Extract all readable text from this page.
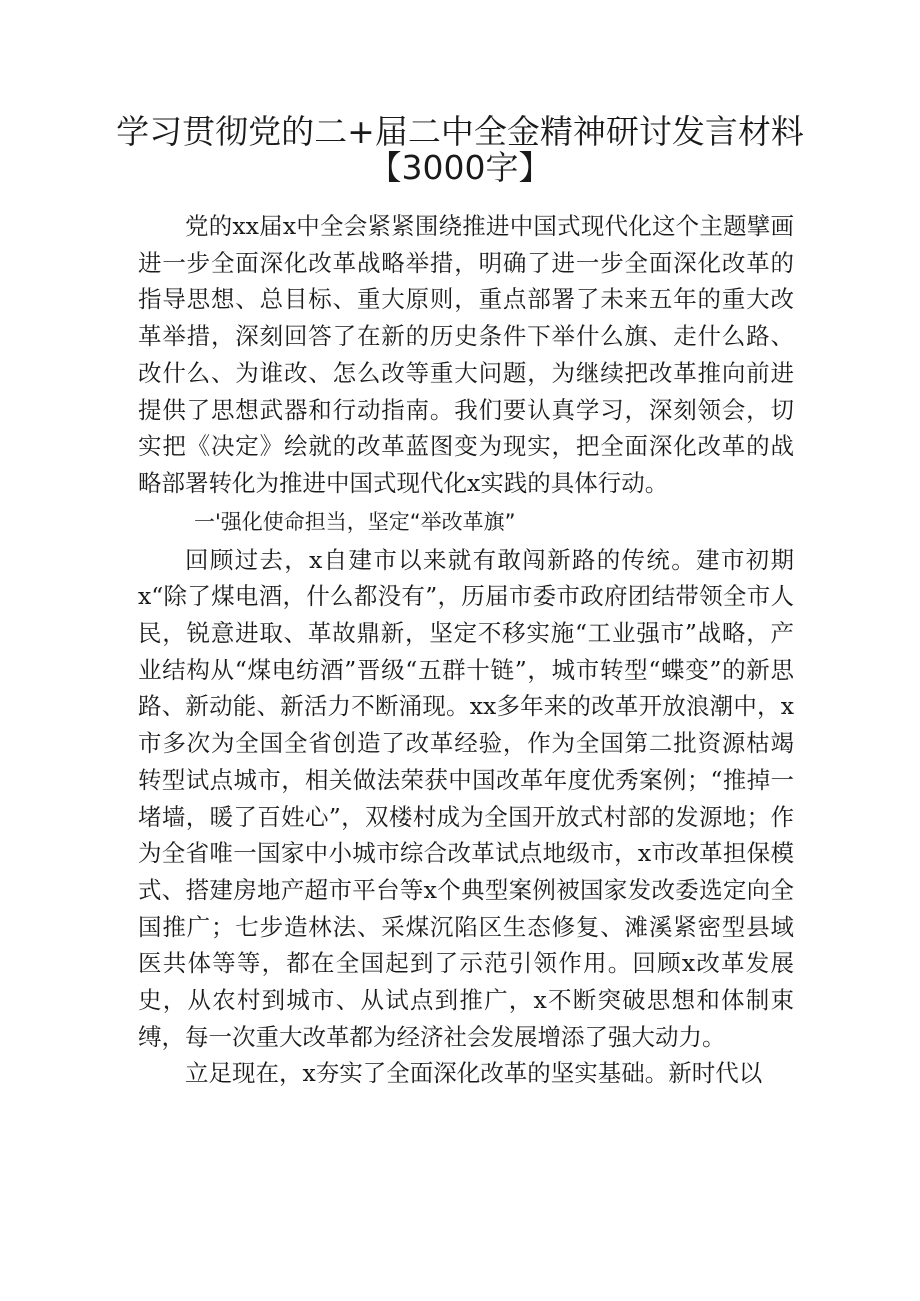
学习贯彻党的二+届二中全金精神研讨发言材料
【3000字】

党的xx届x中全会紧紧围绕推进中国式现代化这个主题擘画进一步全面深化改革战略举措，明确了进一步全面深化改革的指导思想、总目标、重大原则，重点部署了未来五年的重大改革举措，深刻回答了在新的历史条件下举什么旗、走什么路、改什么、为谁改、怎么改等重大问题，为继续把改革推向前进提供了思想武器和行动指南。我们要认真学习，深刻领会，切实把《决定》绘就的改革蓝图变为现实，把全面深化改革的战略部署转化为推进中国式现代化x实践的具体行动。

一'强化使命担当，坚定“举改革旗”

回顾过去，x自建市以来就有敢闯新路的传统。建市初期x“除了煤电酒，什么都没有”，历届市委市政府团结带领全市人民，锐意进取、革故鼎新，坚定不移实施“工业强市”战略，产业结构从“煤电纺酒”晋级“五群十链”，城市转型“蝶变”的新思路、新动能、新活力不断涌现。xx多年来的改革开放浪潮中，x市多次为全国全省创造了改革经验，作为全国第二批资源枯竭转型试点城市，相关做法荣获中国改革年度优秀案例；“推掉一堵墙，暖了百姓心”，双楼村成为全国开放式村部的发源地；作为全省唯一国家中小城市综合改革试点地级市，x市改革担保模式、搭建房地产超市平台等x个典型案例被国家发改委选定向全国推广；七步造林法、采煤沉陷区生态修复、滩溪紧密型县域医共体等等，都在全国起到了示范引领作用。回顾x改革发展史，从农村到城市、从试点到推广，x不断突破思想和体制束缚，每一次重大改革都为经济社会发展增添了强大动力。

立足现在，x夯实了全面深化改革的坚实基础。新时代以
